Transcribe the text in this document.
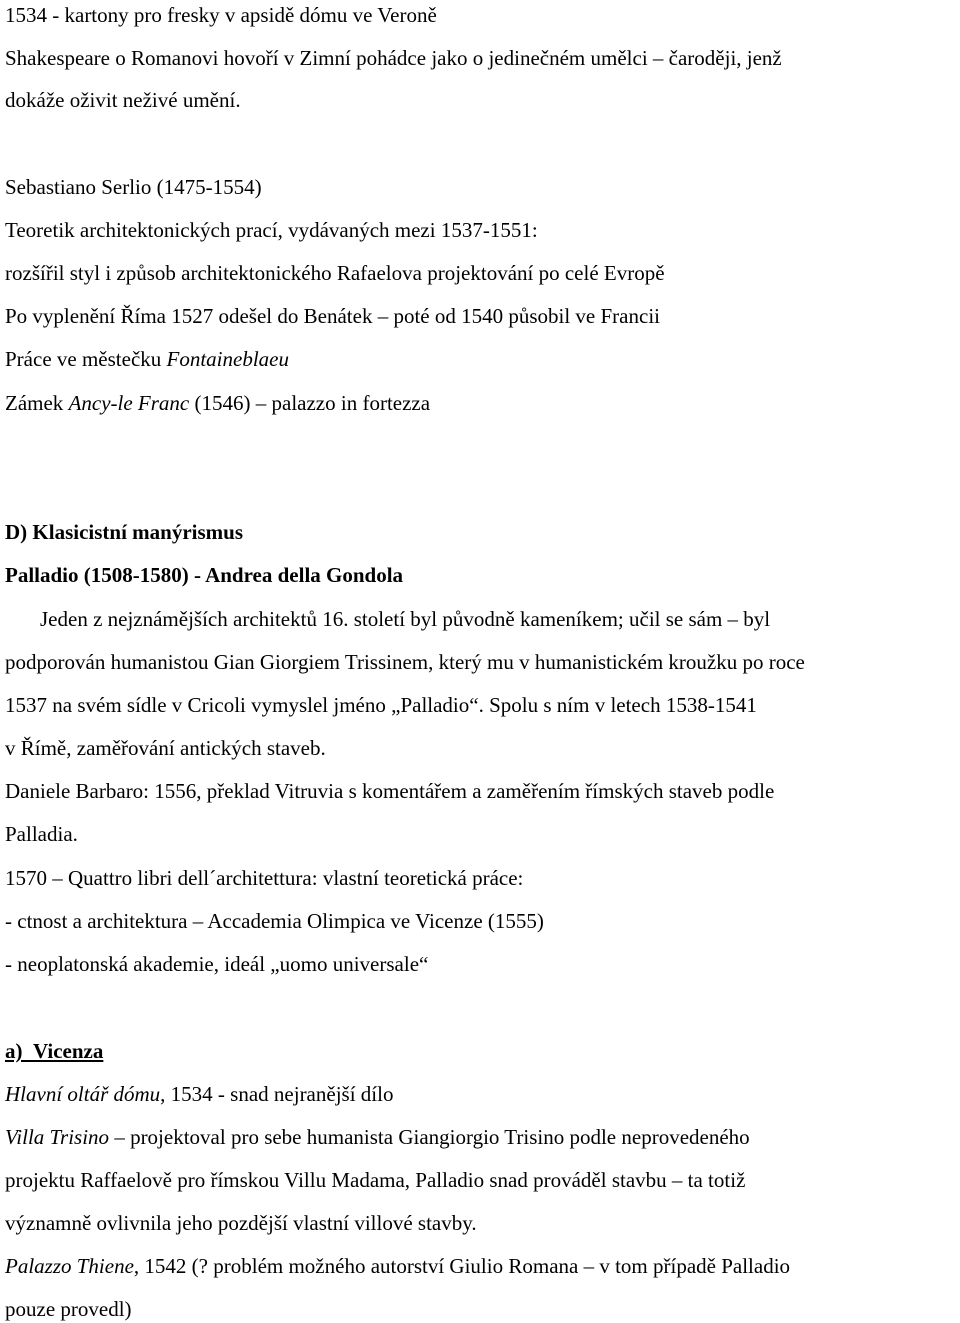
1534 - kartony pro fresky v apsidě dómu ve Veroně
Shakespeare o Romanovi hovoří v Zimní pohádce jako o jedinečném umělci – čaroději, jenž
dokáže oživit neživé umění.
Sebastiano Serlio (1475-1554)
Teoretik architektonických prací, vydávaných mezi 1537-1551:
rozšířil styl i způsob architektonického Rafaelova projektování po celé Evropě
Po vyplenění Říma 1527 odešel do Benátek – poté od 1540 působil ve Francii
Práce ve městečku Fontaineblaeu
Zámek Ancy-le Franc (1546) – palazzo in fortezza
D) Klasicistní manýrismus
Palladio (1508-1580) - Andrea della Gondola
Jeden z nejznámějších architektů 16. století byl původně kameníkem; učil se sám – byl
podporován humanistou Gian Giorgiem Trissinem, který mu v humanistickém kroužku po roce
1537 na svém sídle v Cricoli vymyslel jméno „Palladio“. Spolu s ním v letech 1538-1541
v Římě, zaměřování antických staveb.
Daniele Barbaro: 1556, překlad Vitruvia s komentářem a zaměřením římských staveb podle
Palladia.
1570 – Quattro libri dell´architettura: vlastní teoretická práce:
- ctnost a architektura – Accademia Olimpica ve Vicenze (1555)
- neoplatonská akademie, ideál „uomo universale“
a) Vicenza
Hlavní oltář dómu, 1534 - snad nejranější dílo
Villa Trisino – projektoval pro sebe humanista Giangiorgio Trisino podle neprovedeného
projektu Raffaelově pro římskou Villu Madama, Palladio snad prováděl stavbu – ta totiž
významně ovlivnila jeho pozdější vlastní villové stavby.
Palazzo Thiene, 1542 (? problém možného autorství Giulio Romana – v tom případě Palladio
pouze provedl)
